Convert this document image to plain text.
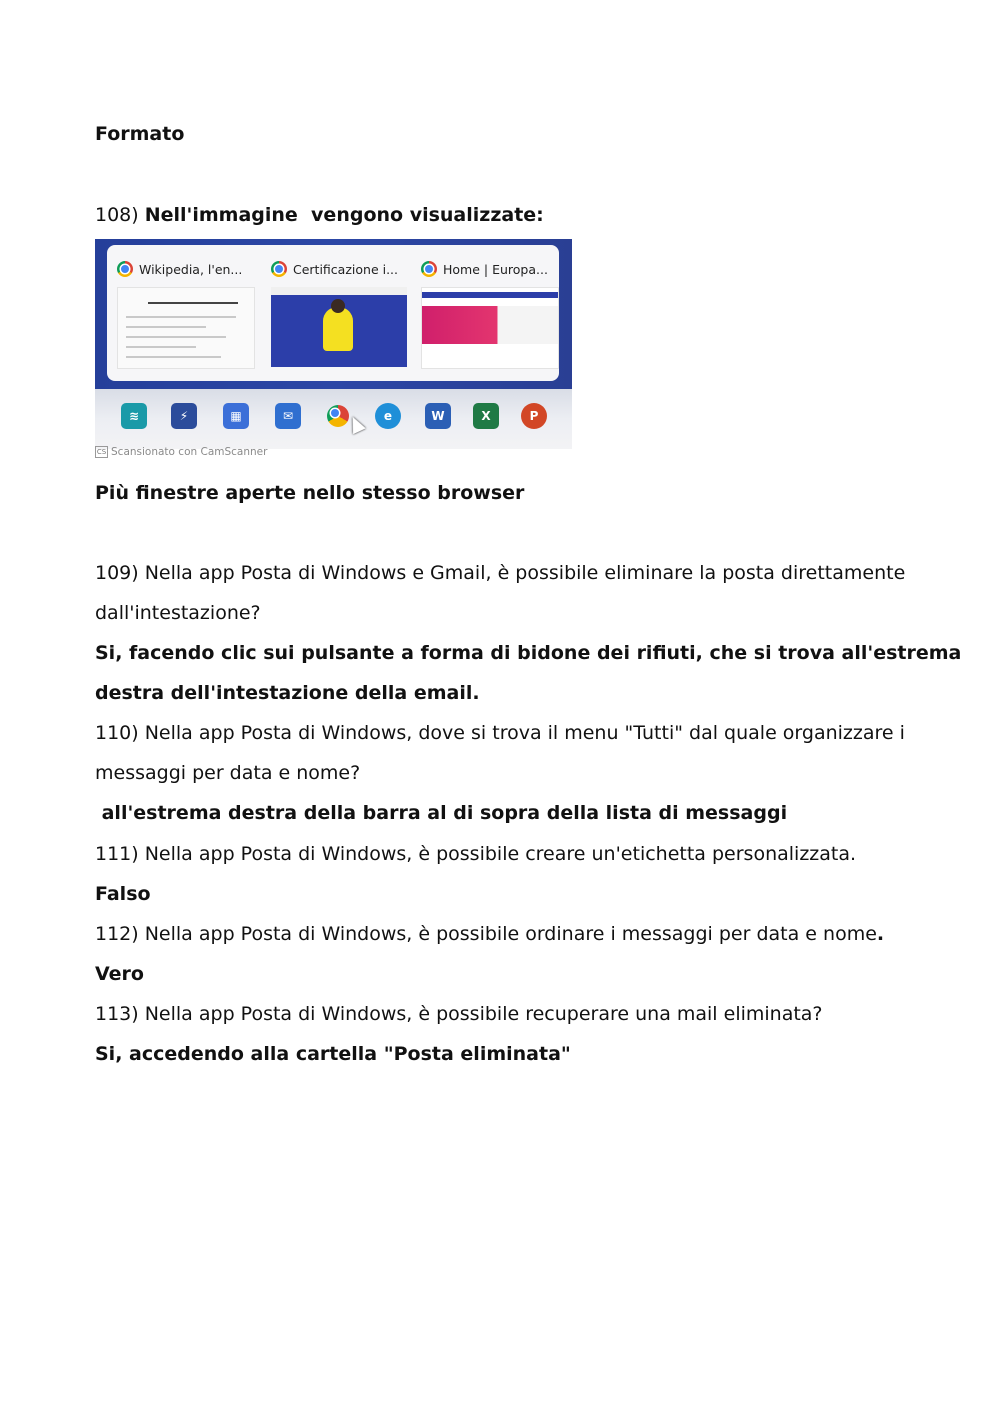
Formato
108) Nell'immagine  vengono visualizzate:
Wikipedia, l'en...	Certificazione i...	Home | Europa...
≋	⚡	▦	✉	e	W	X	P
CS Scansionato con CamScanner
Più finestre aperte nello stesso browser
109) Nella app Posta di Windows e Gmail, è possibile eliminare la posta direttamente
dall'intestazione?
Si, facendo clic sui pulsante a forma di bidone dei rifiuti, che si trova all'estrema
destra dell'intestazione della email.
110) Nella app Posta di Windows, dove si trova il menu "Tutti" dal quale organizzare i
messaggi per data e nome?
all'estrema destra della barra al di sopra della lista di messaggi
111) Nella app Posta di Windows, è possibile creare un'etichetta personalizzata.
Falso
112) Nella app Posta di Windows, è possibile ordinare i messaggi per data e nome.
Vero
113) Nella app Posta di Windows, è possibile recuperare una mail eliminata?
Si, accedendo alla cartella "Posta eliminata"
